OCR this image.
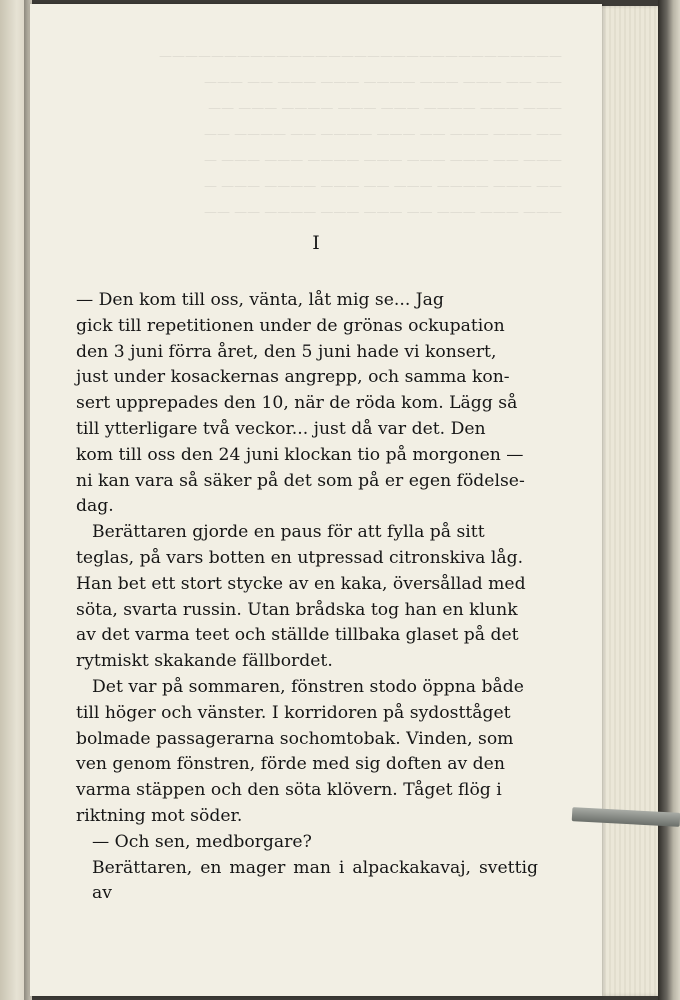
———————————————————————————————
—— —— ——— ——— ———— ——— ——— —— ———
——— ——— ———— ——— ——— ———— ——— ——
—— ——— ——— —— ——— ———— —— ———— ——
——— —— ——— ——— ——— ———— ——— ——— —
—— ——— ———— ——— —— ——— ———— ——— —
——— ——— ——— —— ——— ——— ———— —— ——
I

— Den kom till oss, vänta, låt mig se... Jag
gick till repetitionen under de grönas ockupation
den 3 juni förra året, den 5 juni hade vi konsert,
just under kosackernas angrepp, och samma kon-
sert upprepades den 10, när de röda kom. Lägg så
till ytterligare två veckor... just då var det. Den
kom till oss den 24 juni klockan tio på morgonen —
ni kan vara så säker på det som på er egen födelse-
dag.

Berättaren gjorde en paus för att fylla på sitt
teglas, på vars botten en utpressad citronskiva låg.
Han bet ett stort stycke av en kaka, översållad med
söta, svarta russin. Utan brådska tog han en klunk
av det varma teet och ställde tillbaka glaset på det
rytmiskt skakande fällbordet.

Det var på sommaren, fönstren stodo öppna både
till höger och vänster. I korridoren på sydosttåget
bolmade passagerarna sochomtobak. Vinden, som
ven genom fönstren, förde med sig doften av den
varma stäppen och den söta klövern. Tåget flög i
riktning mot söder.

— Och sen, medborgare?

Berättaren, en mager man i alpackakavaj, svettig av
